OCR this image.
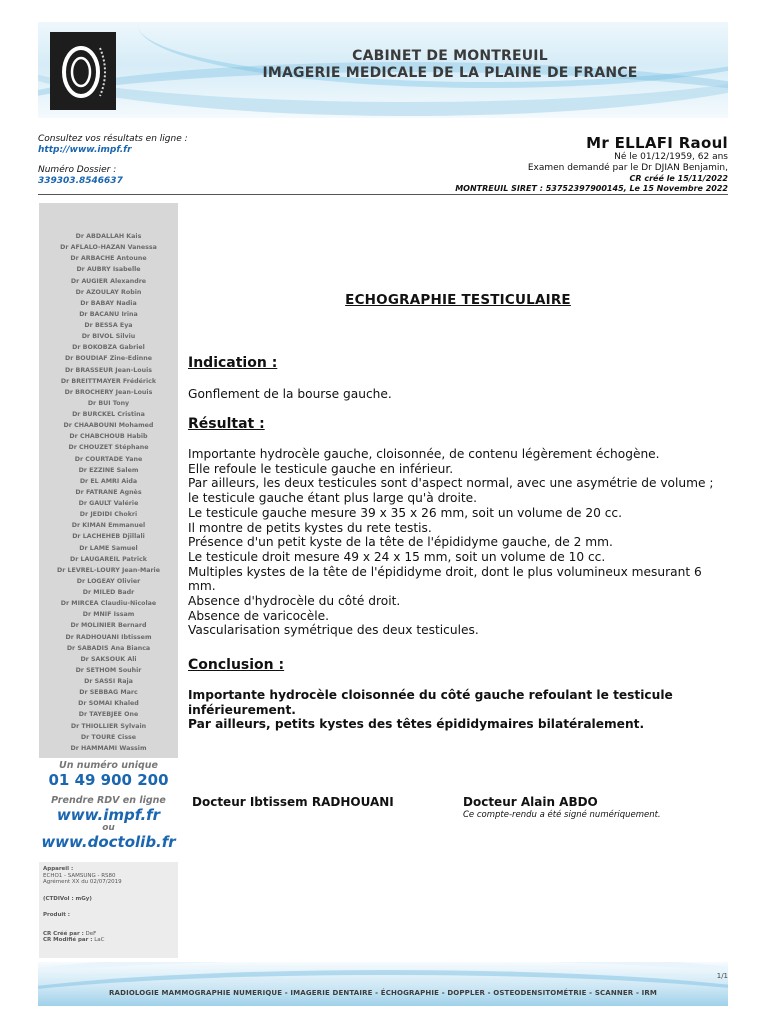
CABINET DE MONTREUIL
IMAGERIE MEDICALE DE LA PLAINE DE FRANCE
Consultez vos résultats en ligne :
http://www.impf.fr
Numéro Dossier :
339303.8546637
Mr ELLAFI Raoul
Né le 01/12/1959, 62 ans
Examen demandé par le Dr DJIAN Benjamin,
CR créé le 15/11/2022
MONTREUIL SIRET : 53752397900145, Le 15 Novembre 2022
Dr ABDALLAH Kais
Dr AFLALO-HAZAN Vanessa
Dr ARBACHE Antoune
Dr AUBRY Isabelle
Dr AUGIER Alexandre
Dr AZOULAY Robin
Dr BABAY Nadia
Dr BACANU Irina
Dr BESSA Eya
Dr BIVOL Silviu
Dr BOKOBZA Gabriel
Dr BOUDIAF Zine-Edinne
Dr BRASSEUR Jean-Louis
Dr BREITTMAYER Frédérick
Dr BROCHERY Jean-Louis
Dr BUI Tony
Dr BURCKEL Cristina
Dr CHAABOUNI Mohamed
Dr CHABCHOUB Habib
Dr CHOUZET Stéphane
Dr COURTADE Yane
Dr EZZINE Salem
Dr EL AMRI Aida
Dr FATRANE Agnès
Dr GAULT Valérie
Dr JEDIDI Chokri
Dr KIMAN Emmanuel
Dr LACHEHEB Djillali
Dr LAME Samuel
Dr LAUGAREIL Patrick
Dr LEVREL-LOURY Jean-Marie
Dr LOGEAY Olivier
Dr MILED Badr
Dr MIRCEA Claudiu-Nicolae
Dr MNIF Issam
Dr MOLINIER Bernard
Dr RADHOUANI Ibtissem
Dr SABADIS Ana Bianca
Dr SAKSOUK Ali
Dr SETHOM Souhir
Dr SASSI Raja
Dr SEBBAG Marc
Dr SOMAI Khaled
Dr TAYEBJEE One
Dr THIOLLIER Sylvain
Dr TOURE Cisse
Dr HAMMAMI Wassim
Un numéro unique
01 49 900 200
Prendre RDV en ligne
www.impf.fr
ou
www.doctolib.fr
Appareil :
ECHO1 - SAMSUNG - RS80
Agrément XX du 02/07/2019
(CTDIVol : mGy)
Produit :
CR Créé par : DeF
CR Modifié par : LaC
ECHOGRAPHIE TESTICULAIRE
Indication :
Gonflement de la bourse gauche.
Résultat :
Importante hydrocèle gauche, cloisonnée, de contenu légèrement échogène.
Elle refoule le testicule gauche en inférieur.
Par ailleurs, les deux testicules sont d'aspect normal, avec une asymétrie de volume ; le testicule gauche étant plus large qu'à droite.
Le testicule gauche mesure 39 x 35 x 26 mm, soit un volume de 20 cc.
Il montre de petits kystes du rete testis.
Présence d'un petit kyste de la tête de l'épididyme gauche, de 2 mm.
Le testicule droit mesure 49 x 24 x 15 mm, soit un volume de 10 cc.
Multiples kystes de la tête de l'épididyme droit, dont le plus volumineux mesurant 6 mm.
Absence d'hydrocèle du côté droit.
Absence de varicocèle.
Vascularisation symétrique des deux testicules.
Conclusion :
Importante hydrocèle cloisonnée du côté gauche refoulant le testicule inférieurement.
Par ailleurs, petits kystes des têtes épididymaires bilatéralement.
Docteur Ibtissem RADHOUANI	Docteur Alain ABDO
Ce compte-rendu a été signé numériquement.
1/1
RADIOLOGIE MAMMOGRAPHIE NUMERIQUE - IMAGERIE DENTAIRE - ÉCHOGRAPHIE - DOPPLER - OSTEODENSITOMÉTRIE - SCANNER - IRM
